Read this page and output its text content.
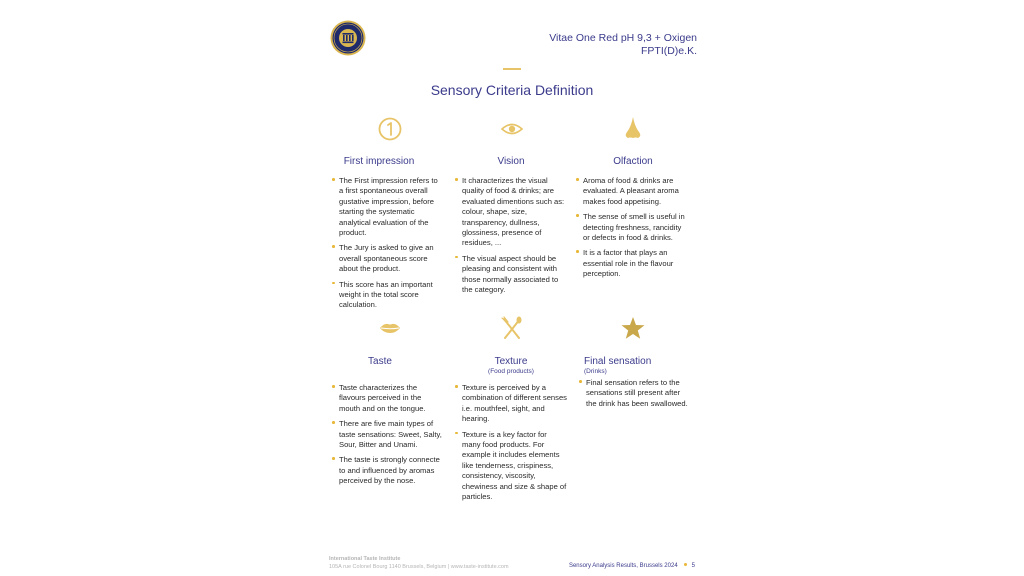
Vitae One Red pH 9,3 + Oxigen
FPTI(D)e.K.
Sensory Criteria Definition
First impression
The First impression refers to a first spontaneous overall gustative impression, before starting the systematic analytical evaluation of the product.
The Jury is asked to give an overall spontaneous score about the product.
This score has an important weight in the total score calculation.
Vision
It characterizes the visual quality of food & drinks; are evaluated dimentions such as: colour, shape, size, transparency, dullness, glossiness, presence of residues, ...
The visual aspect should be pleasing and consistent with those normally associated to the category.
Olfaction
Aroma of food & drinks are evaluated. A pleasant aroma makes food appetising.
The sense of smell is useful in detecting freshness, rancidity or defects in food & drinks.
It is a factor that plays an essential role in the flavour perception.
Taste
Taste characterizes the flavours perceived in the mouth and on the tongue.
There are five main types of taste sensations: Sweet, Salty, Sour, Bitter and Unami.
The taste is strongly connecte to and influenced by aromas perceived by the nose.
Texture
(Food products)
Texture is perceived by a combination of different senses i.e. mouthfeel, sight, and hearing.
Texture is a key factor for many food products. For example it includes elements like tenderness, crispiness, consistency, viscosity, chewiness and size & shape of particles.
Final sensation
(Drinks)
Final sensation refers to the sensations still present after the drink has been swallowed.
International Taste Institute
105A rue Colonel Bourg 1140 Brussels, Belgium | www.taste-institute.com	Sensory Analysis Results, Brussels 2024 5
